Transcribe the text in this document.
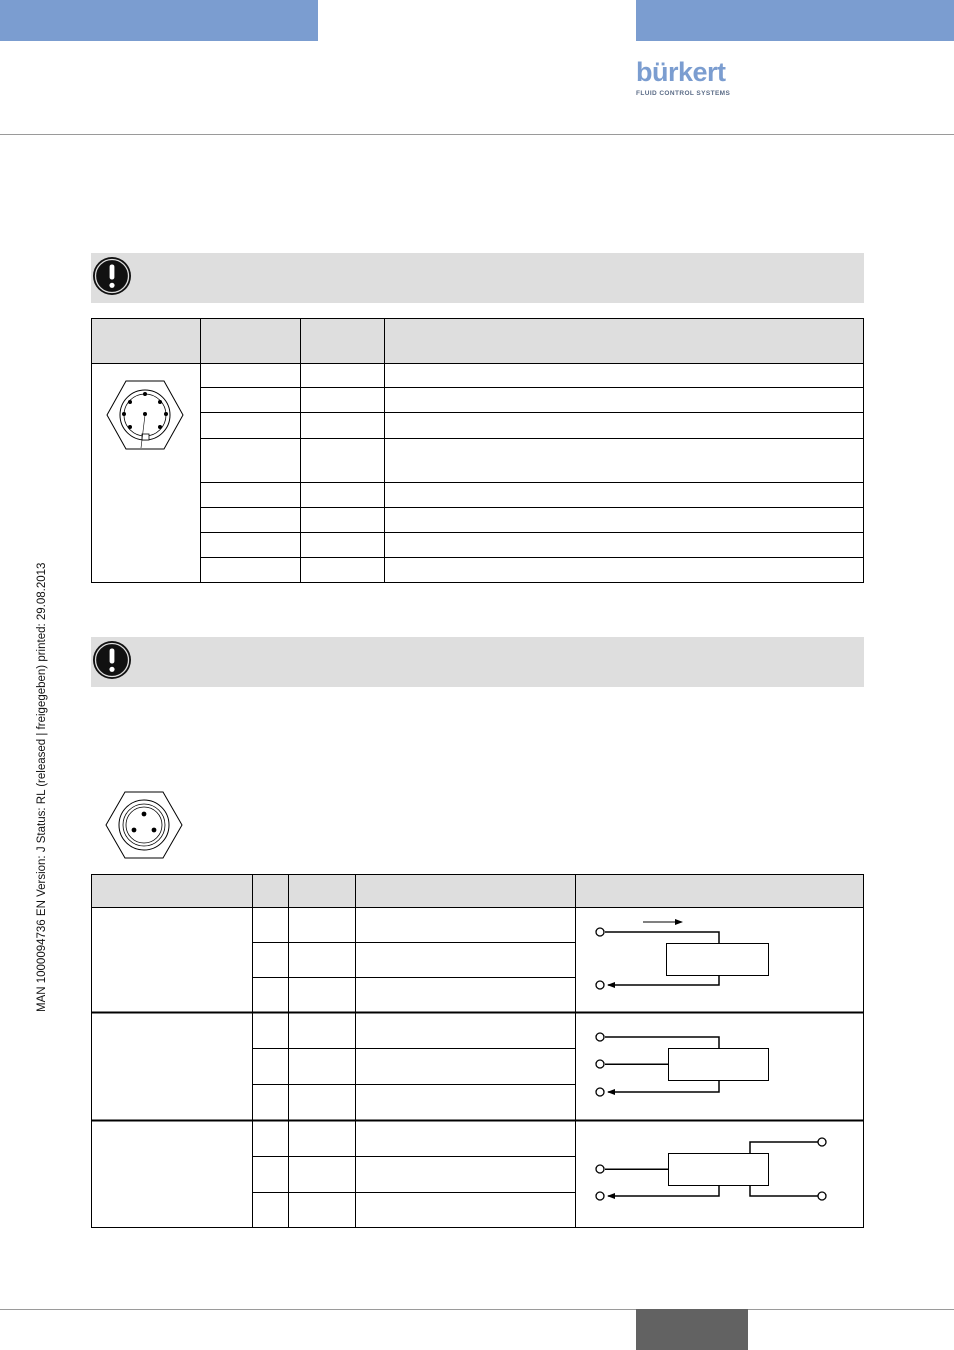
bürkert
FLUID CONTROL SYSTEMS
MAN 1000094736 EN Version: J Status: RL (released | freigegeben) printed: 29.08.2013
